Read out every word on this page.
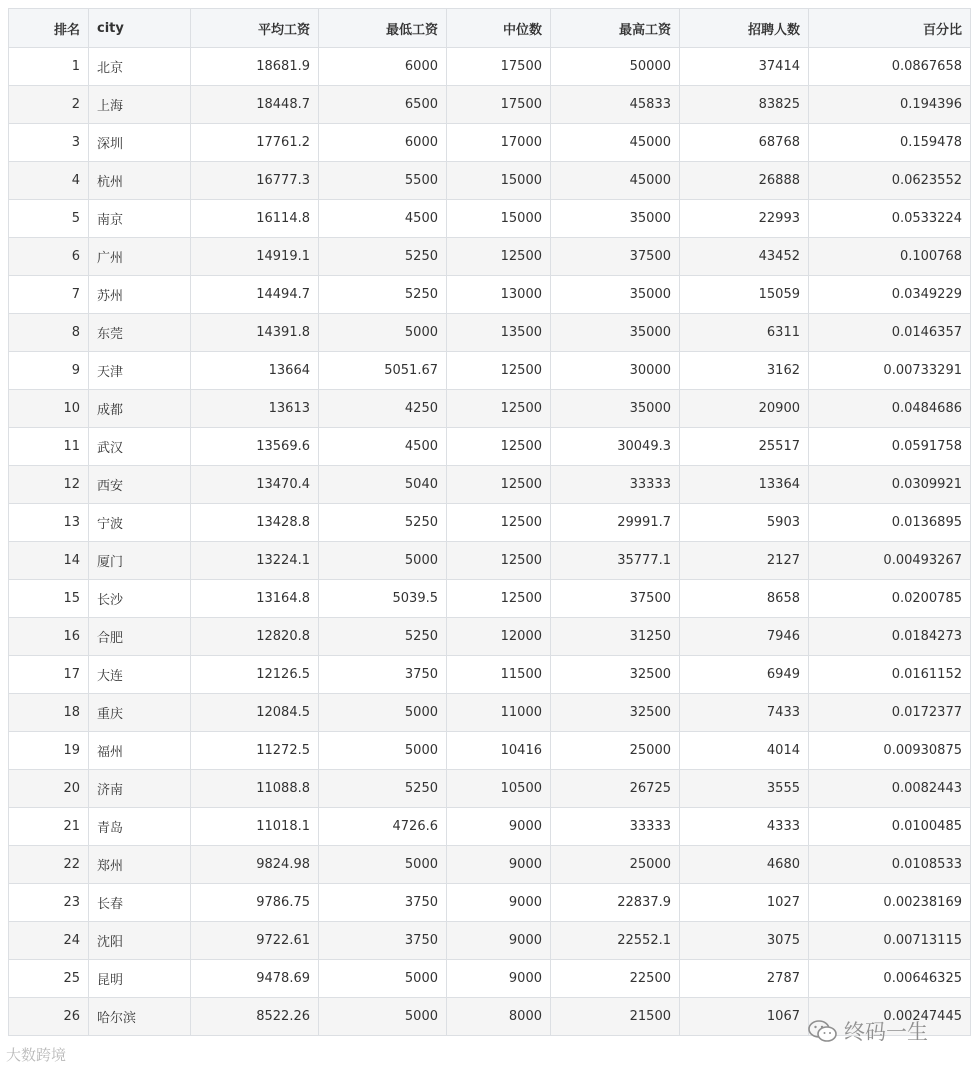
排名	city	平均工资	最低工资	中位数	最高工资	招聘人数	百分比
1	北京	18681.9	6000	17500	50000	37414	0.0867658
2	上海	18448.7	6500	17500	45833	83825	0.194396
3	深圳	17761.2	6000	17000	45000	68768	0.159478
4	杭州	16777.3	5500	15000	45000	26888	0.0623552
5	南京	16114.8	4500	15000	35000	22993	0.0533224
6	广州	14919.1	5250	12500	37500	43452	0.100768
7	苏州	14494.7	5250	13000	35000	15059	0.0349229
8	东莞	14391.8	5000	13500	35000	6311	0.0146357
9	天津	13664	5051.67	12500	30000	3162	0.00733291
10	成都	13613	4250	12500	35000	20900	0.0484686
11	武汉	13569.6	4500	12500	30049.3	25517	0.0591758
12	西安	13470.4	5040	12500	33333	13364	0.0309921
13	宁波	13428.8	5250	12500	29991.7	5903	0.0136895
14	厦门	13224.1	5000	12500	35777.1	2127	0.00493267
15	长沙	13164.8	5039.5	12500	37500	8658	0.0200785
16	合肥	12820.8	5250	12000	31250	7946	0.0184273
17	大连	12126.5	3750	11500	32500	6949	0.0161152
18	重庆	12084.5	5000	11000	32500	7433	0.0172377
19	福州	11272.5	5000	10416	25000	4014	0.00930875
20	济南	11088.8	5250	10500	26725	3555	0.0082443
21	青岛	11018.1	4726.6	9000	33333	4333	0.0100485
22	郑州	9824.98	5000	9000	25000	4680	0.0108533
23	长春	9786.75	3750	9000	22837.9	1027	0.00238169
24	沈阳	9722.61	3750	9000	22552.1	3075	0.00713115
25	昆明	9478.69	5000	9000	22500	2787	0.00646325
26	哈尔滨	8522.26	5000	8000	21500	1067	0.00247445
大数跨境
终码一生
